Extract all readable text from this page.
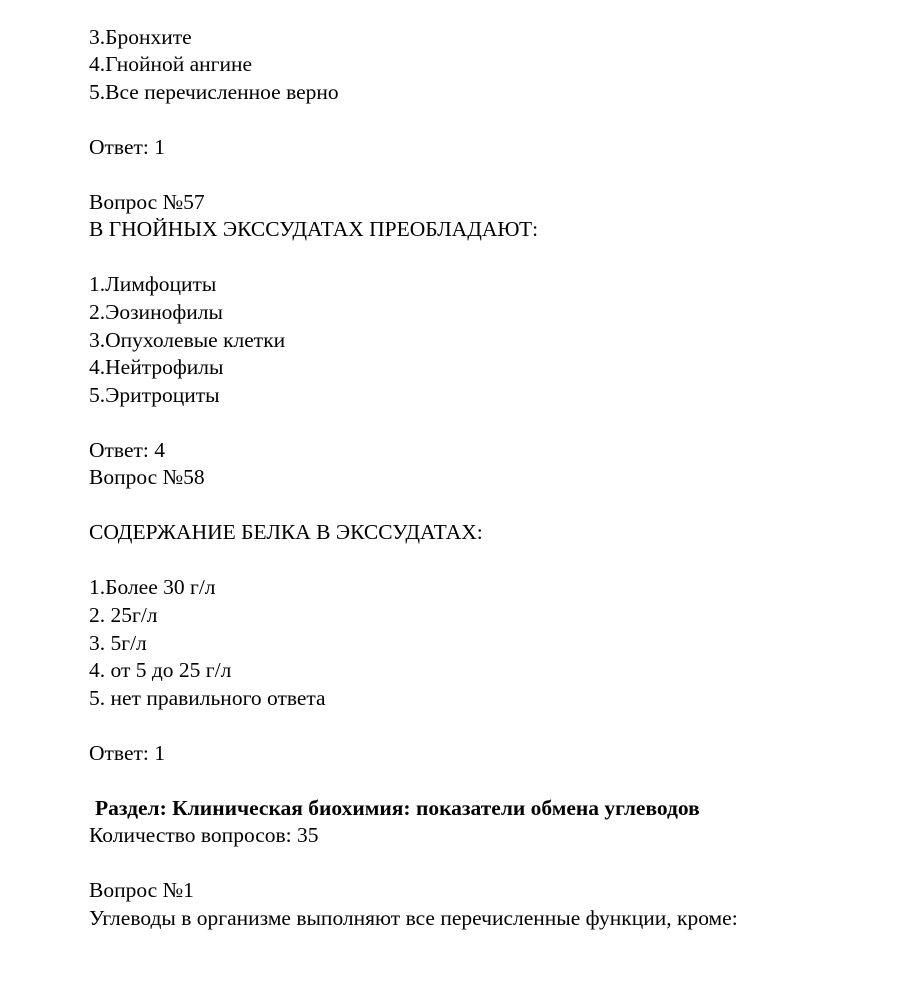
3.Бронхите
4.Гнойной ангине
5.Все перечисленное верно
Ответ: 1
Вопрос №57
В ГНОЙНЫХ ЭКССУДАТАХ ПРЕОБЛАДАЮТ:
1.Лимфоциты
2.Эозинофилы
3.Опухолевые клетки
4.Нейтрофилы
5.Эритроциты
Ответ: 4
Вопрос №58
СОДЕРЖАНИЕ БЕЛКА В ЭКССУДАТАХ:
1.Более 30 г/л
2. 25г/л
3. 5г/л
4. от 5 до 25 г/л
5. нет правильного ответа
Ответ: 1
Раздел: Клиническая биохимия: показатели обмена углеводов
Количество вопросов: 35
Вопрос №1
Углеводы в организме выполняют все перечисленные функции, кроме:
